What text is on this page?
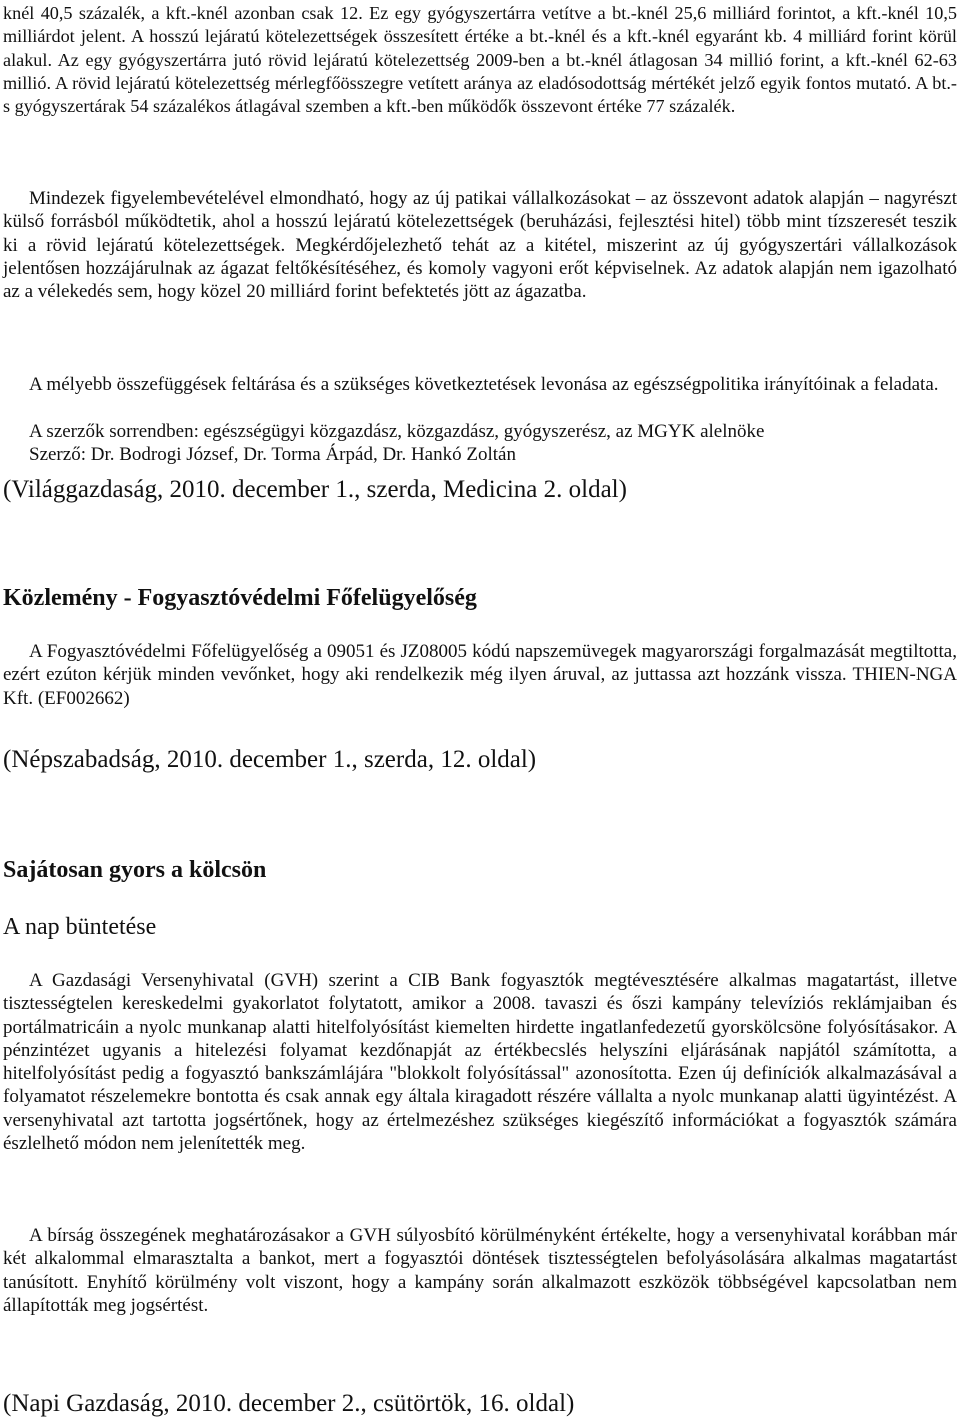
knél 40,5 százalék, a kft.-knél azonban csak 12. Ez egy gyógyszertárra vetítve a bt.-knél 25,6 milliárd forintot, a kft.-knél 10,5 milliárdot jelent. A hosszú lejáratú kötelezettségek összesített értéke a bt.-knél és a kft.-knél egyaránt kb. 4 milliárd forint körül alakul. Az egy gyógyszertárra jutó rövid lejáratú kötelezettség 2009-ben a bt.-knél átlagosan 34 millió forint, a kft.-knél 62-63 millió. A rövid lejáratú kötelezettség mérlegfőösszegre vetített aránya az eladósodottság mértékét jelző egyik fontos mutató. A bt.-s gyógyszertárak 54 százalékos átlagával szemben a kft.-ben működők összevont értéke 77 százalék.

Mindezek figyelembevételével elmondható, hogy az új patikai vállalkozásokat – az összevont adatok alapján – nagyrészt külső forrásból működtetik, ahol a hosszú lejáratú kötelezettségek (beruházási, fejlesztési hitel) több mint tízszeresét teszik ki a rövid lejáratú kötelezettségek. Megkérdőjelezhető tehát az a kitétel, miszerint az új gyógyszertári vállalkozások jelentősen hozzájárulnak az ágazat feltőkésítéséhez, és komoly vagyoni erőt képviselnek. Az adatok alapján nem igazolható az a vélekedés sem, hogy közel 20 milliárd forint befektetés jött az ágazatba.

A mélyebb összefüggések feltárása és a szükséges következtetések levonása az egészségpolitika irányítóinak a feladata.

A szerzők sorrendben: egészségügyi közgazdász, közgazdász, gyógyszerész, az MGYK alelnöke
Szerző: Dr. Bodrogi József, Dr. Torma Árpád, Dr. Hankó Zoltán
(Világgazdaság, 2010. december 1., szerda, Medicina 2. oldal)
Közlemény - Fogyasztóvédelmi Főfelügyelőség

A Fogyasztóvédelmi Főfelügyelőség a 09051 és JZ08005 kódú napszemüvegek magyarországi forgalmazását megtiltotta, ezért ezúton kérjük minden vevőnket, hogy aki rendelkezik még ilyen áruval, az juttassa azt hozzánk vissza. THIEN-NGA Kft. (EF002662)

(Népszabadság, 2010. december 1., szerda, 12. oldal)
Sajátosan gyors a kölcsön
A nap büntetése

A Gazdasági Versenyhivatal (GVH) szerint a CIB Bank fogyasztók megtévesztésére alkalmas magatartást, illetve tisztességtelen kereskedelmi gyakorlatot folytatott, amikor a 2008. tavaszi és őszi kampány televíziós reklámjaiban és portálmatricáin a nyolc munkanap alatti hitelfolyósítást kiemelten hirdette ingatlanfedezetű gyorskölcsöne folyósításakor. A pénzintézet ugyanis a hitelezési folyamat kezdőnapját az értékbecslés helyszíni eljárásának napjától számította, a hitelfolyósítást pedig a fogyasztó bankszámlájára "blokkolt folyósítással" azonosította. Ezen új definíciók alkalmazásával a folyamatot részelemekre bontotta és csak annak egy általa kiragadott részére vállalta a nyolc munkanap alatti ügyintézést. A versenyhivatal azt tartotta jogsértőnek, hogy az értelmezéshez szükséges kiegészítő információkat a fogyasztók számára észlelhető módon nem jelenítették meg.

A bírság összegének meghatározásakor a GVH súlyosbító körülményként értékelte, hogy a versenyhivatal korábban már két alkalommal elmarasztalta a bankot, mert a fogyasztói döntések tisztességtelen befolyásolására alkalmas magatartást tanúsított. Enyhítő körülmény volt viszont, hogy a kampány során alkalmazott eszközök többségével kapcsolatban nem állapították meg jogsértést.

(Napi Gazdaság, 2010. december 2., csütörtök, 16. oldal)
